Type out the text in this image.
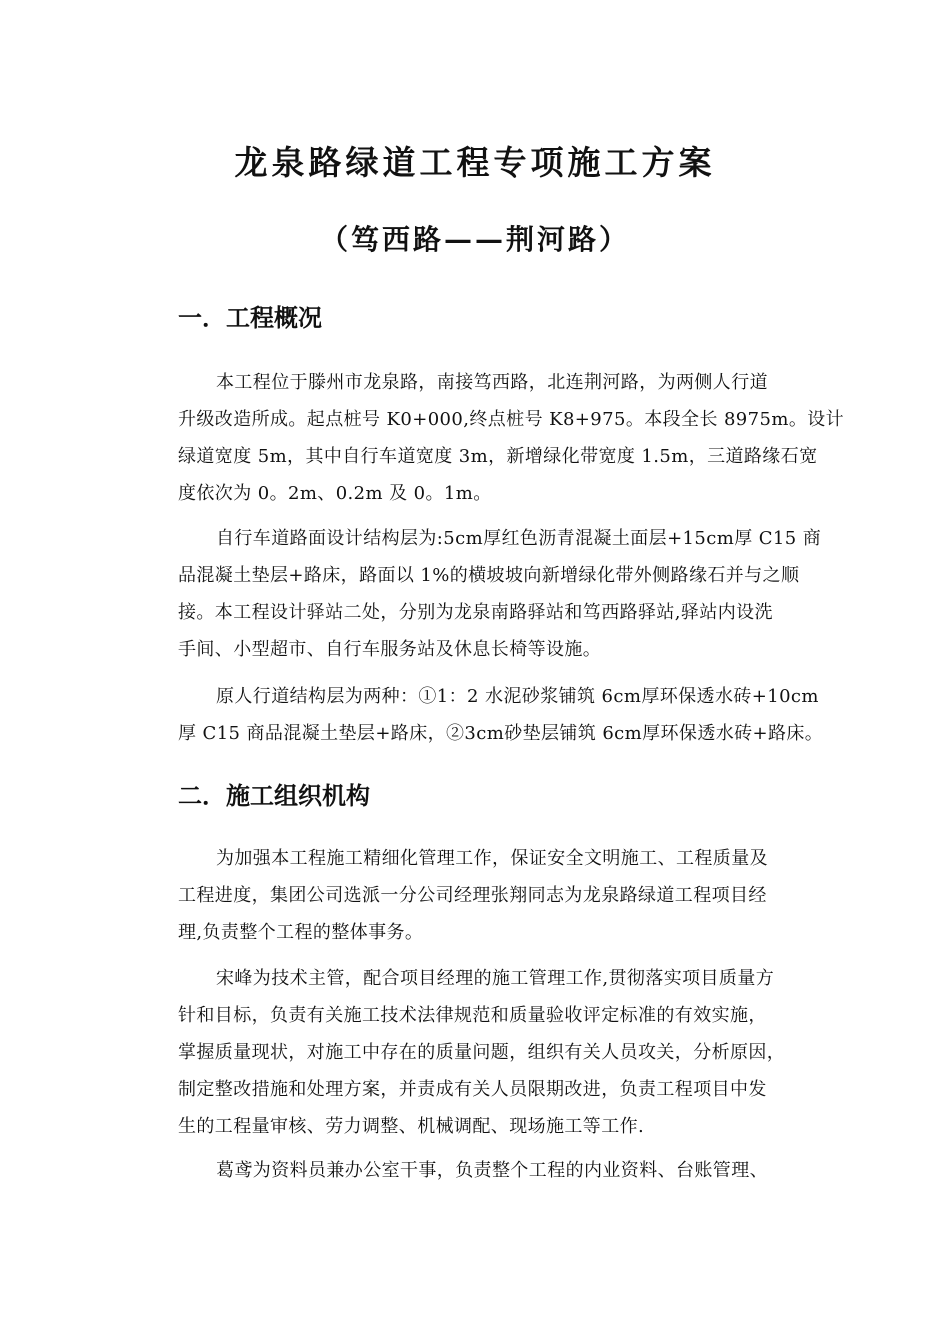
龙泉路绿道工程专项施工方案
（笃西路——荆河路）
一．工程概况

本工程位于滕州市龙泉路，南接笃西路，北连荆河路，为两侧人行道
升级改造所成。起点桩号 K0+000,终点桩号 K8+975。本段全长 8975m。设计
绿道宽度 5m，其中自行车道宽度 3m，新增绿化带宽度 1.5m，三道路缘石宽
度依次为 0。2m、0.2m 及 0。1m。

自行车道路面设计结构层为:5cm厚红色沥青混凝土面层+15cm厚 C15 商
品混凝土垫层+路床，路面以 1%的横坡坡向新增绿化带外侧路缘石并与之顺
接。本工程设计驿站二处，分别为龙泉南路驿站和笃西路驿站,驿站内设洗
手间、小型超市、自行车服务站及休息长椅等设施。

原人行道结构层为两种：①1：2 水泥砂浆铺筑 6cm厚环保透水砖+10cm
厚 C15 商品混凝土垫层+路床，②3cm砂垫层铺筑 6cm厚环保透水砖+路床。

二．施工组织机构

为加强本工程施工精细化管理工作，保证安全文明施工、工程质量及
工程进度，集团公司选派一分公司经理张翔同志为龙泉路绿道工程项目经
理,负责整个工程的整体事务。

宋峰为技术主管，配合项目经理的施工管理工作,贯彻落实项目质量方
针和目标，负责有关施工技术法律规范和质量验收评定标准的有效实施，
掌握质量现状，对施工中存在的质量问题，组织有关人员攻关，分析原因，
制定整改措施和处理方案，并责成有关人员限期改进，负责工程项目中发
生的工程量审核、劳力调整、机械调配、现场施工等工作.

葛鸢为资料员兼办公室干事，负责整个工程的内业资料、台账管理、
